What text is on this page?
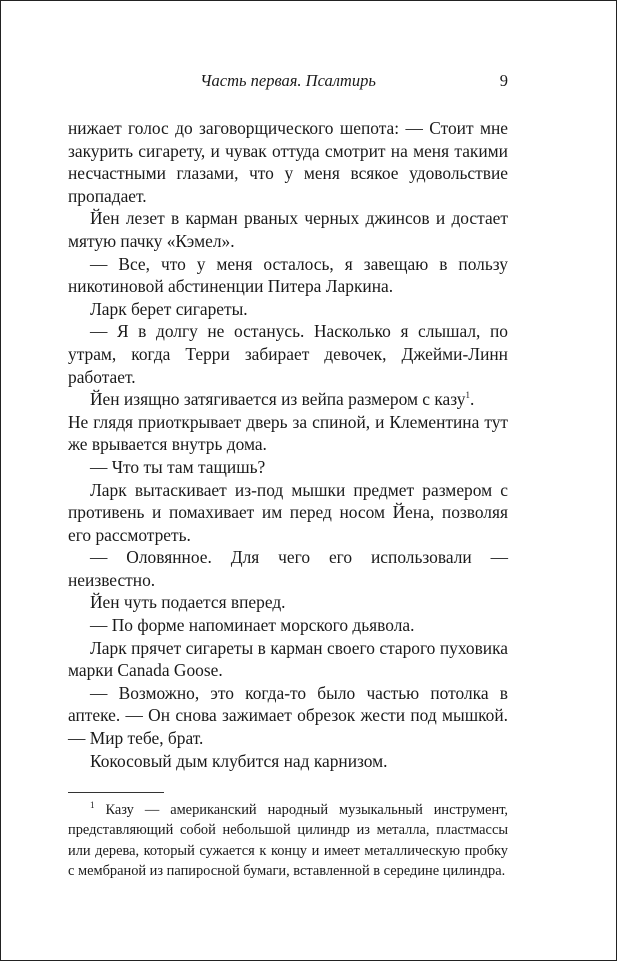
Часть первая. Псалтирь	9

нижает голос до заговорщического шепота: — Стоит мне закурить сигарету, и чувак оттуда смотрит на меня такими несчастными глазами, что у меня всякое удовольствие пропадает.

Йен лезет в карман рваных черных джинсов и достает мятую пачку «Кэмел».

— Все, что у меня осталось, я завещаю в пользу никотиновой абстиненции Питера Ларкина.

Ларк берет сигареты.

— Я в долгу не останусь. Насколько я слышал, по утрам, когда Терри забирает девочек, Джейми-Линн работает.

Йен изящно затягивается из вейпа размером с казу$^1$.

Не глядя приоткрывает дверь за спиной, и Клементина тут же врывается внутрь дома.

— Что ты там тащишь?

Ларк вытаскивает из-под мышки предмет размером с противень и помахивает им перед носом Йена, позволяя его рассмотреть.

— Оловянное. Для чего его использовали — неизвестно.

Йен чуть подается вперед.

— По форме напоминает морского дьявола.

Ларк прячет сигареты в карман своего старого пуховика марки Canada Goose.

— Возможно, это когда-то было частью потолка в аптеке. — Он снова зажимает обрезок жести под мышкой. — Мир тебе, брат.

Кокосовый дым клубится над карнизом.

$^1$ Казу — американский народный музыкальный инструмент, представляющий собой небольшой цилиндр из металла, пластмассы или дерева, который сужается к концу и имеет металлическую пробку с мембраной из папиросной бумаги, вставленной в середине цилиндра.
